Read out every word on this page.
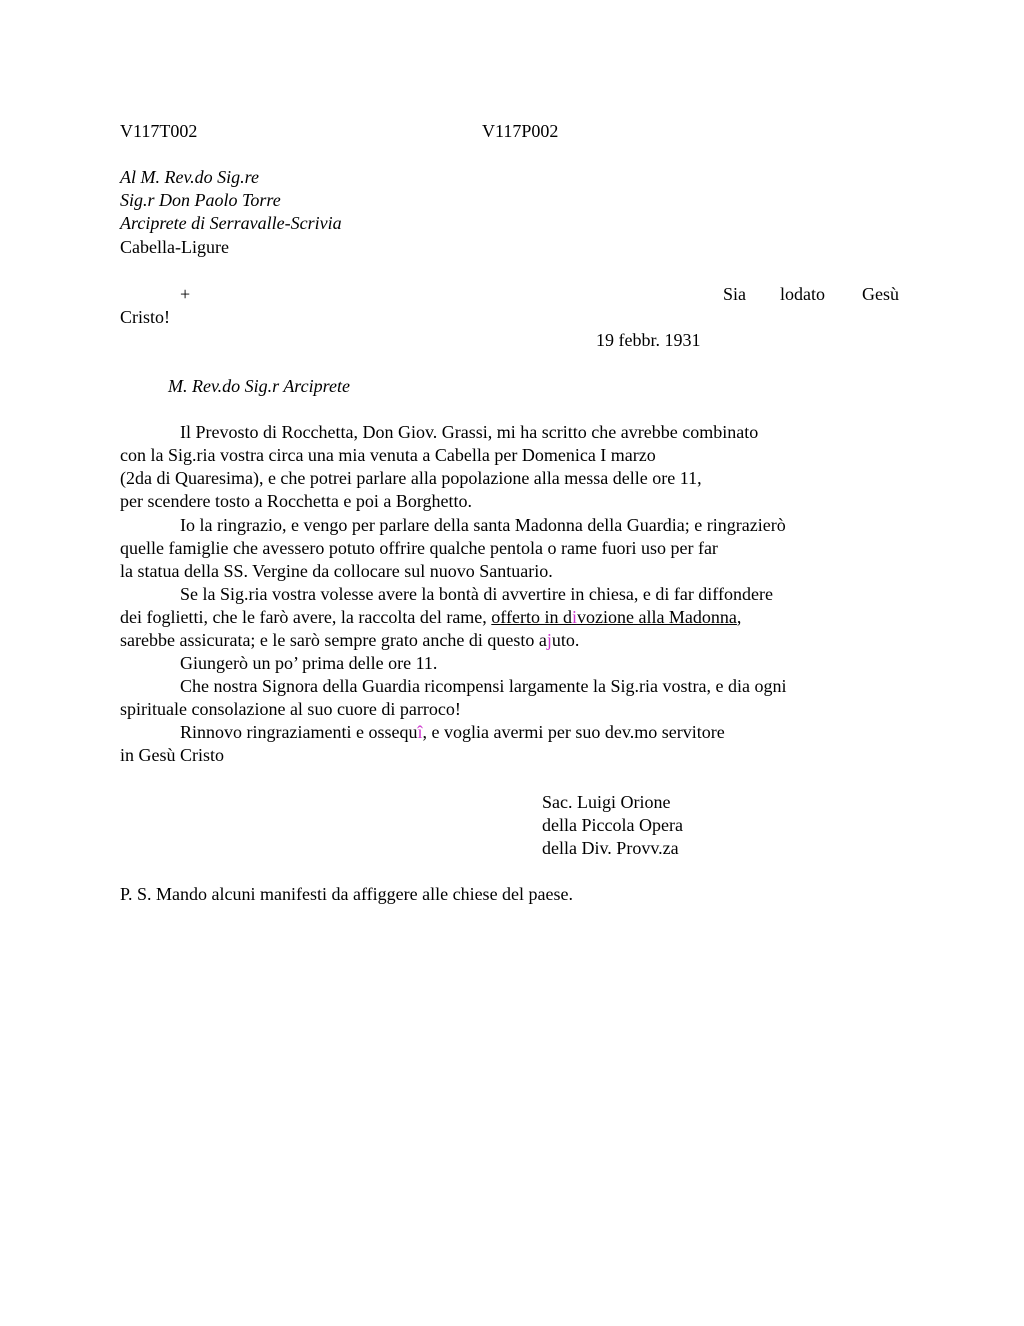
V117T002	V117P002
Al M. Rev.do Sig.re
Sig.r Don Paolo Torre
Arciprete di Serravalle-Scrivia
Cabella-Ligure
+	Sia lodato Gesù
Cristo!
19 febbr. 1931
M. Rev.do Sig.r Arciprete
Il Prevosto di Rocchetta, Don Giov. Grassi, mi ha scritto che avrebbe combinato
con la Sig.ria vostra circa una mia venuta a Cabella per Domenica I marzo
(2da di Quaresima), e che potrei parlare alla popolazione alla messa delle ore 11,
per scendere tosto a Rocchetta e poi a Borghetto.
Io la ringrazio, e vengo per parlare della santa Madonna della Guardia; e ringrazierò
quelle famiglie che avessero potuto offrire qualche pentola o rame fuori uso per far
la statua della SS. Vergine da collocare sul nuovo Santuario.
Se la Sig.ria vostra volesse avere la bontà di avvertire in chiesa, e di far diffondere
dei foglietti, che le farò avere, la raccolta del rame, offerto in divozione alla Madonna,
sarebbe assicurata; e le sarò sempre grato anche di questo ajuto.
Giungerò un po’ prima delle ore 11.
Che nostra Signora della Guardia ricompensi largamente la Sig.ria vostra, e dia ogni
spirituale consolazione al suo cuore di parroco!
Rinnovo ringraziamenti e ossequî, e voglia avermi per suo dev.mo servitore
in Gesù Cristo
Sac. Luigi Orione
della Piccola Opera
della Div. Provv.za
P. S. Mando alcuni manifesti da affiggere alle chiese del paese.
